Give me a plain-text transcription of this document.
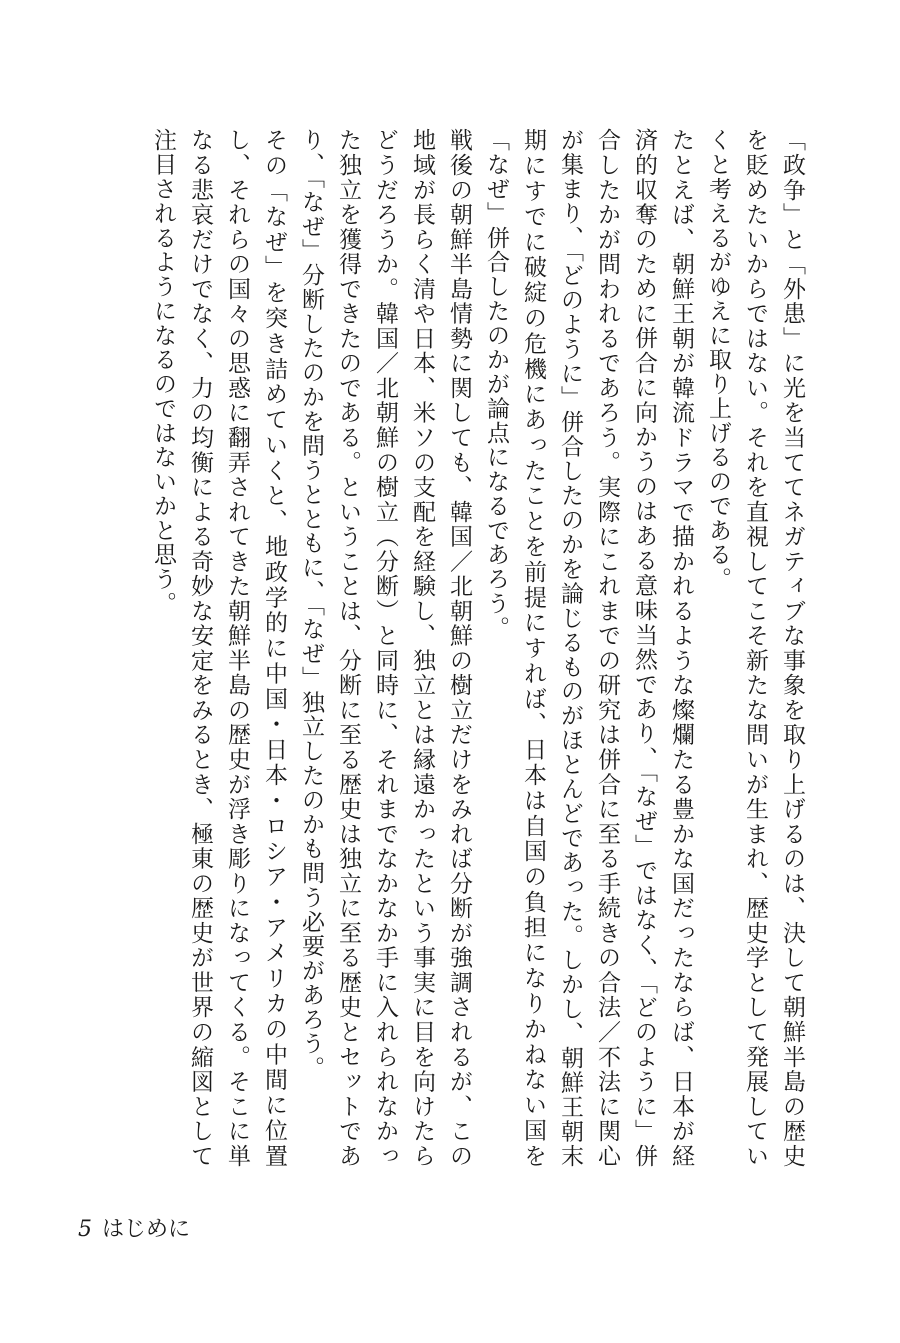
「政争」と「外患」に光を当ててネガティブな事象を取り上げるのは、決して朝鮮半島の歴史を貶めたいからではない。それを直視してこそ新たな問いが生まれ、歴史学として発展していくと考えるがゆえに取り上げるのである。

たとえば、朝鮮王朝が韓流ドラマで描かれるような燦爛たる豊かな国だったならば、日本が経済的収奪のために併合に向かうのはある意味当然であり、「なぜ」ではなく、「どのように」併合したかが問われるであろう。実際にこれまでの研究は併合に至る手続きの合法／不法に関心が集まり、「どのように」併合したのかを論じるものがほとんどであった。しかし、朝鮮王朝末期にすでに破綻の危機にあったことを前提にすれば、日本は自国の負担になりかねない国を「なぜ」併合したのかが論点になるであろう。

戦後の朝鮮半島情勢に関しても、韓国／北朝鮮の樹立だけをみれば分断が強調されるが、この地域が長らく清や日本、米ソの支配を経験し、独立とは縁遠かったという事実に目を向けたらどうだろうか。韓国／北朝鮮の樹立（分断）と同時に、それまでなかなか手に入れられなかった独立を獲得できたのである。ということは、分断に至る歴史は独立に至る歴史とセットであり、「なぜ」分断したのかを問うとともに、「なぜ」独立したのかも問う必要があろう。

その「なぜ」を突き詰めていくと、地政学的に中国・日本・ロシア・アメリカの中間に位置し、それらの国々の思惑に翻弄されてきた朝鮮半島の歴史が浮き彫りになってくる。そこに単なる悲哀だけでなく、力の均衡による奇妙な安定をみるとき、極東の歴史が世界の縮図として注目されるようになるのではないかと思う。

5 はじめに
